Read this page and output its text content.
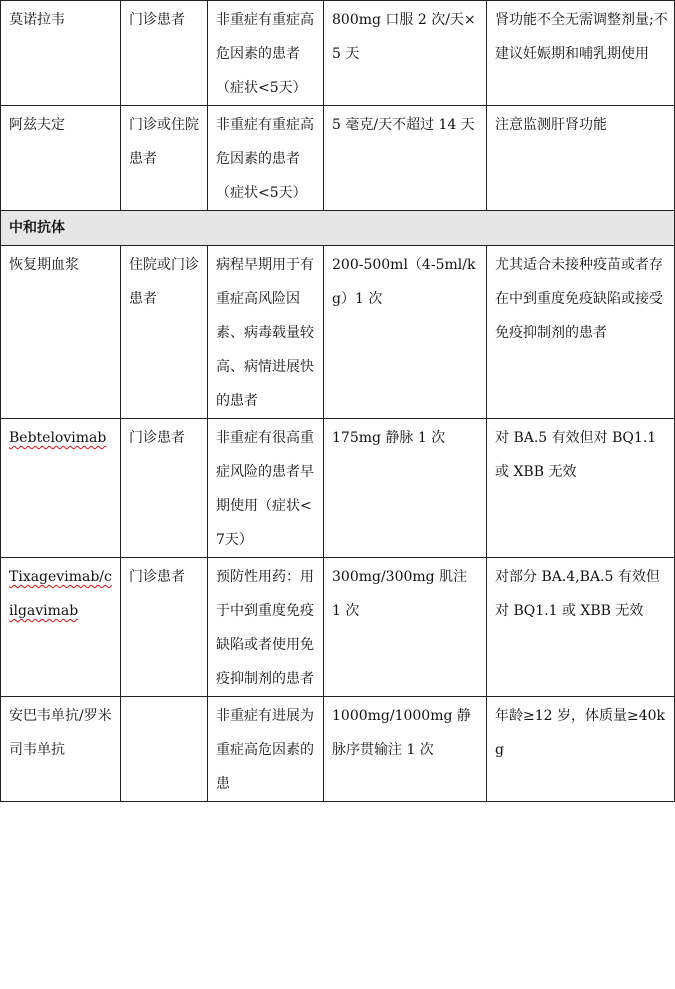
莫诺拉韦	门诊患者	非重症有重症高危因素的患者（症状<5天）	800mg 口服 2 次/天×5 天	肾功能不全无需调整剂量;不建议妊娠期和哺乳期使用
阿兹夫定	门诊或住院患者	非重症有重症高危因素的患者（症状<5天）	5 毫克/天不超过 14 天	注意监测肝肾功能
中和抗体				
恢复期血浆	住院或门诊患者	病程早期用于有重症高风险因素、病毒载量较高、病情进展快的患者	200-500ml（4-5ml/kg）1 次	尤其适合未接种疫苗或者存在中到重度免疫缺陷或接受免疫抑制剂的患者
Bebtelovimab	门诊患者	非重症有很高重症风险的患者早期使用（症状<7天）	175mg 静脉 1 次	对 BA.5 有效但对 BQ1.1 或 XBB 无效
Tixagevimab/cilgavimab	门诊患者	预防性用药：用于中到重度免疫缺陷或者使用免疫抑制剂的患者	300mg/300mg 肌注 1 次	对部分 BA.4,BA.5 有效但对 BQ1.1 或 XBB 无效
安巴韦单抗/罗米司韦单抗		非重症有进展为重症高危因素的患	1000mg/1000mg 静脉序贯输注 1 次	年龄≥12 岁，体质量≥40kg
